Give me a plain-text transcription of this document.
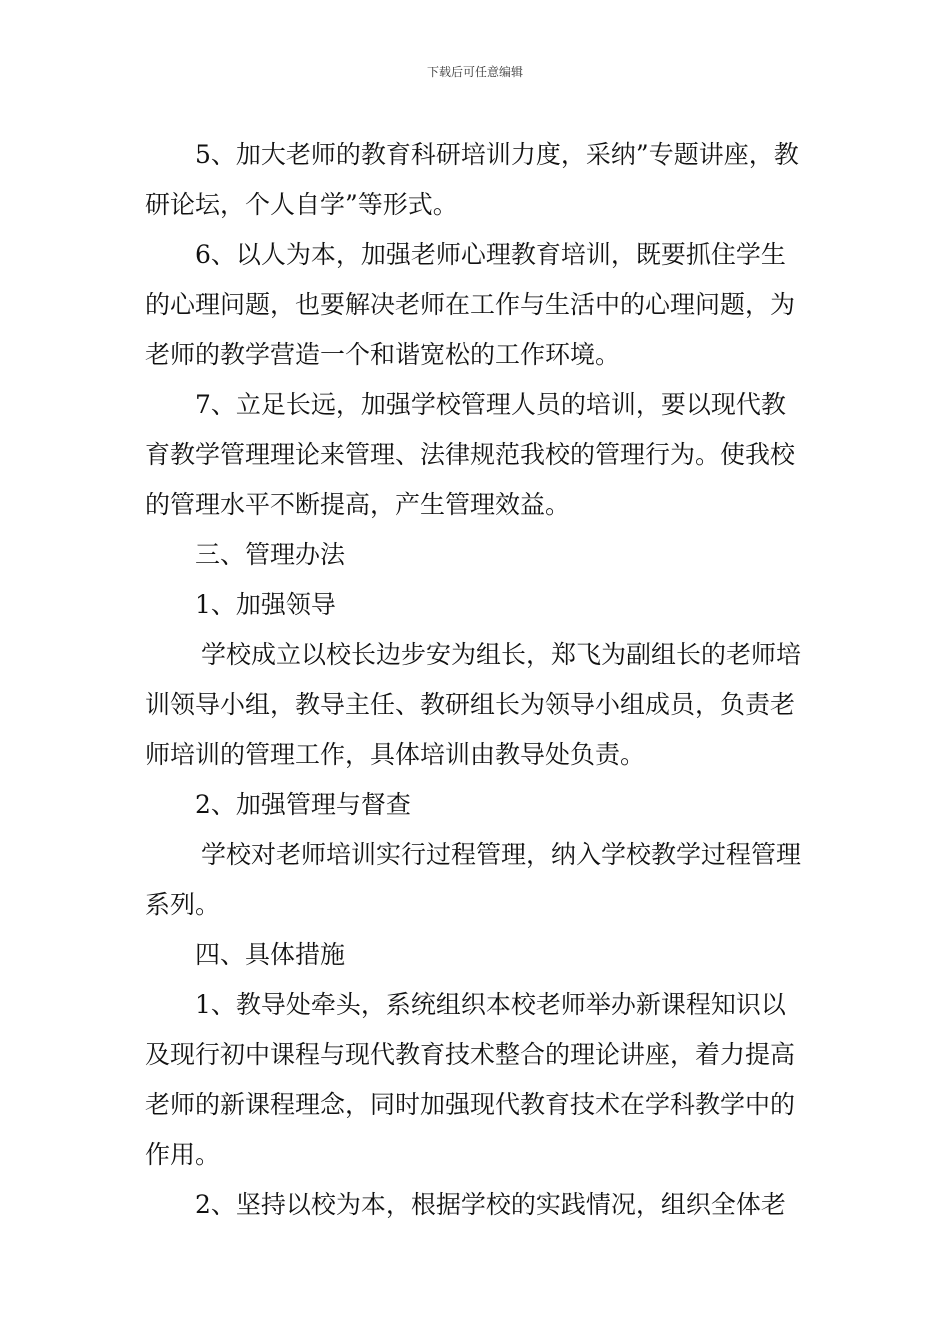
下载后可任意编辑

5、加大老师的教育科研培训力度，采纳”专题讲座，教研论坛，个人自学”等形式。

6、以人为本，加强老师心理教育培训，既要抓住学生的心理问题，也要解决老师在工作与生活中的心理问题，为老师的教学营造一个和谐宽松的工作环境。

7、立足长远，加强学校管理人员的培训，要以现代教育教学管理理论来管理、法律规范我校的管理行为。使我校的管理水平不断提高，产生管理效益。

三、管理办法

1、加强领导

学校成立以校长边步安为组长，郑飞为副组长的老师培训领导小组，教导主任、教研组长为领导小组成员，负责老师培训的管理工作，具体培训由教导处负责。

2、加强管理与督查

学校对老师培训实行过程管理，纳入学校教学过程管理系列。

四、具体措施

1、教导处牵头，系统组织本校老师举办新课程知识以及现行初中课程与现代教育技术整合的理论讲座，着力提高老师的新课程理念，同时加强现代教育技术在学科教学中的作用。

2、坚持以校为本，根据学校的实践情况，组织全体老
